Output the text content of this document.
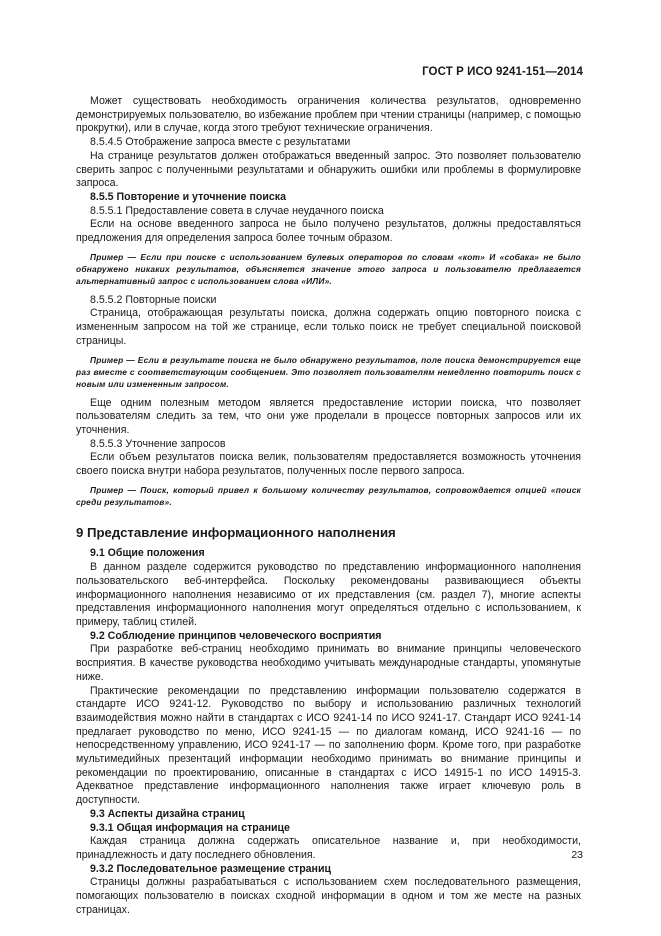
ГОСТ Р ИСО 9241-151—2014

Может существовать необходимость ограничения количества результатов, одновременно демонстрируемых пользователю, во избежание проблем при чтении страницы (например, с помощью прокрутки), или в случае, когда этого требуют технические ограничения.

8.5.4.5 Отображение запроса вместе с результатами

На странице результатов должен отображаться введенный запрос. Это позволяет пользователю сверить запрос с полученными результатами и обнаружить ошибки или проблемы в формулировке запроса.

8.5.5 Повторение и уточнение поиска

8.5.5.1 Предоставление совета в случае неудачного поиска

Если на основе введенного запроса не было получено результатов, должны предоставляться предложения для определения запроса более точным образом.

Пример — Если при поиске с использованием булевых операторов по словам «кот» И «собака» не было обнаружено никаких результатов, объясняется значение этого запроса и пользователю предлагается альтернативный запрос с использованием слова «ИЛИ».

8.5.5.2 Повторные поиски

Страница, отображающая результаты поиска, должна содержать опцию повторного поиска с измененным запросом на той же странице, если только поиск не требует специальной поисковой страницы.

Пример — Если в результате поиска не было обнаружено результатов, поле поиска демонстрируется еще раз вместе с соответствующим сообщением. Это позволяет пользователям немедленно повторить поиск с новым или измененным запросом.

Еще одним полезным методом является предоставление истории поиска, что позволяет пользователям следить за тем, что они уже проделали в процессе повторных запросов или их уточнения.

8.5.5.3 Уточнение запросов

Если объем результатов поиска велик, пользователям предоставляется возможность уточнения своего поиска внутри набора результатов, полученных после первого запроса.

Пример — Поиск, который привел к большому количеству результатов, сопровождается опцией «поиск среди результатов».

9 Представление информационного наполнения

9.1 Общие положения

В данном разделе содержится руководство по представлению информационного наполнения пользовательского веб-интерфейса. Поскольку рекомендованы развивающиеся объекты информационного наполнения независимо от их представления (см. раздел 7), многие аспекты представления информационного наполнения могут определяться отдельно с использованием, к примеру, таблиц стилей.

9.2 Соблюдение принципов человеческого восприятия

При разработке веб-страниц необходимо принимать во внимание принципы человеческого восприятия. В качестве руководства необходимо учитывать международные стандарты, упомянутые ниже.

Практические рекомендации по представлению информации пользователю содержатся в стандарте ИСО 9241-12. Руководство по выбору и использованию различных технологий взаимодействия можно найти в стандартах с ИСО 9241-14 по ИСО 9241-17. Стандарт ИСО 9241-14 предлагает руководство по меню, ИСО 9241-15 — по диалогам команд, ИСО 9241-16 — по непосредственному управлению, ИСО 9241-17 — по заполнению форм. Кроме того, при разработке мультимедийных презентаций информации необходимо принимать во внимание принципы и рекомендации по проектированию, описанные в стандартах с ИСО 14915-1 по ИСО 14915-3. Адекватное представление информационного наполнения также играет ключевую роль в доступности.

9.3 Аспекты дизайна страниц

9.3.1 Общая информация на странице

Каждая страница должна содержать описательное название и, при необходимости, принадлежность и дату последнего обновления.

9.3.2 Последовательное размещение страниц

Страницы должны разрабатываться с использованием схем последовательного размещения, помогающих пользователю в поисках сходной информации в одном и том же месте на разных страницах.

23
